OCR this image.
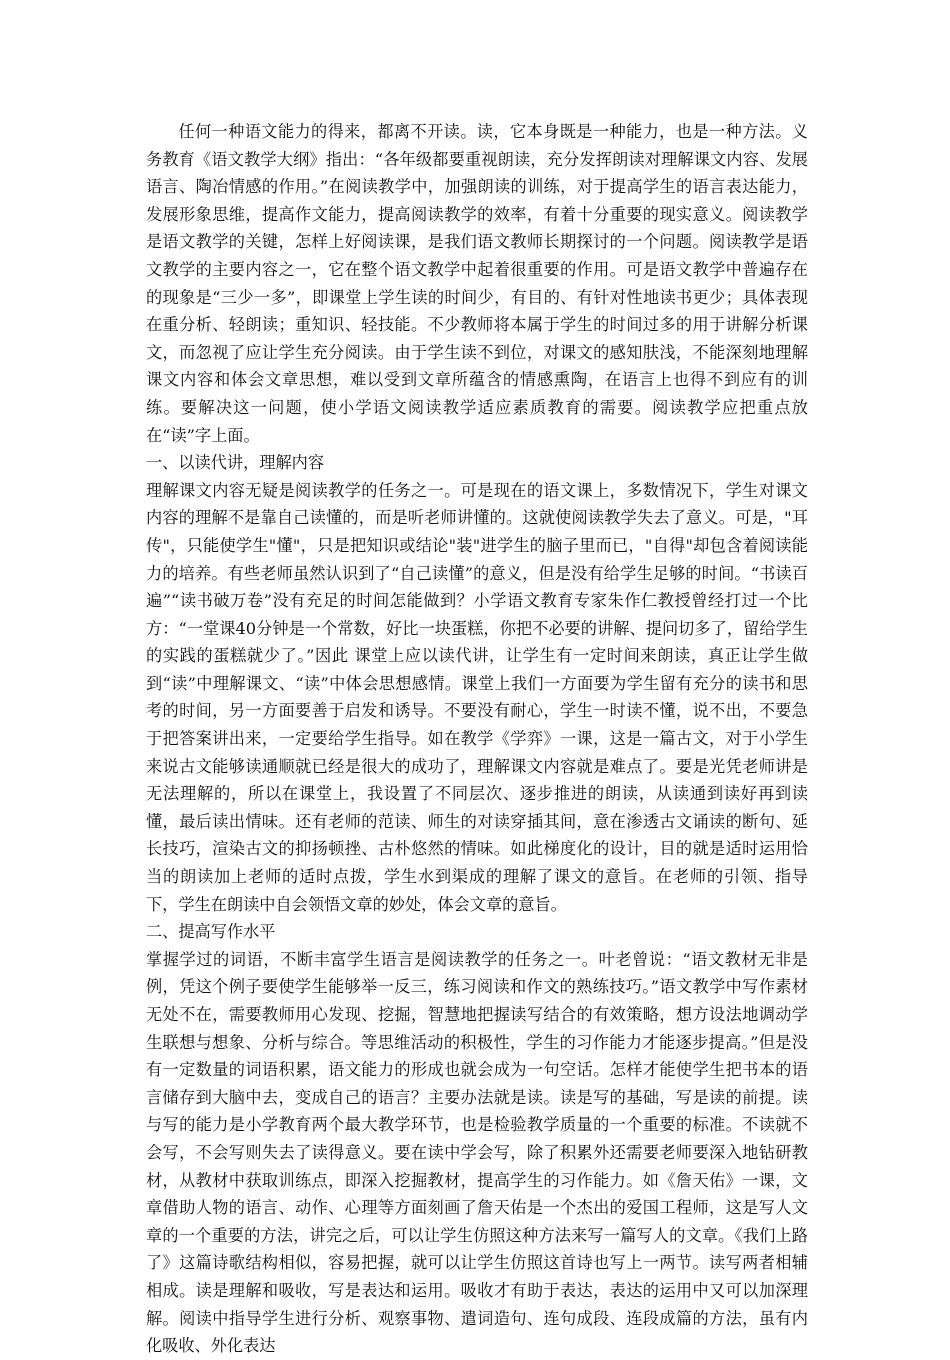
任何一种语文能力的得来，都离不开读。读，它本身既是一种能力，也是一种方法。义务教育《语文教学大纲》指出：“各年级都要重视朗读，充分发挥朗读对理解课文内容、发展语言、陶冶情感的作用。”在阅读教学中，加强朗读的训练，对于提高学生的语言表达能力，发展形象思维，提高作文能力，提高阅读教学的效率，有着十分重要的现实意义。阅读教学是语文教学的关键，怎样上好阅读课，是我们语文教师长期探讨的一个问题。阅读教学是语文教学的主要内容之一，它在整个语文教学中起着很重要的作用。可是语文教学中普遍存在的现象是“三少一多”，即课堂上学生读的时间少，有目的、有针对性地读书更少；具体表现在重分析、轻朗读；重知识、轻技能。不少教师将本属于学生的时间过多的用于讲解分析课文，而忽视了应让学生充分阅读。由于学生读不到位，对课文的感知肤浅，不能深刻地理解课文内容和体会文章思想，难以受到文章所蕴含的情感熏陶，在语言上也得不到应有的训练。要解决这一问题，使小学语文阅读教学适应素质教育的需要。阅读教学应把重点放在“读”字上面。

一、以读代讲，理解内容

理解课文内容无疑是阅读教学的任务之一。可是现在的语文课上，多数情况下，学生对课文内容的理解不是靠自己读懂的，而是听老师讲懂的。这就使阅读教学失去了意义。可是，"耳传"，只能使学生"懂"，只是把知识或结论"装"进学生的脑子里而已，"自得"却包含着阅读能力的培养。有些老师虽然认识到了“自己读懂”的意义，但是没有给学生足够的时间。“书读百遍”“读书破万卷”没有充足的时间怎能做到？小学语文教育专家朱作仁教授曾经打过一个比方：“一堂课40分钟是一个常数，好比一块蛋糕，你把不必要的讲解、提问切多了，留给学生的实践的蛋糕就少了。”因此 课堂上应以读代讲，让学生有一定时间来朗读，真正让学生做到“读”中理解课文、“读”中体会思想感情。课堂上我们一方面要为学生留有充分的读书和思考的时间，另一方面要善于启发和诱导。不要没有耐心，学生一时读不懂，说不出，不要急于把答案讲出来，一定要给学生指导。如在教学《学弈》一课，这是一篇古文，对于小学生来说古文能够读通顺就已经是很大的成功了，理解课文内容就是难点了。要是光凭老师讲是无法理解的，所以在课堂上，我设置了不同层次、逐步推进的朗读，从读通到读好再到读懂，最后读出情味。还有老师的范读、师生的对读穿插其间，意在渗透古文诵读的断句、延长技巧，渲染古文的抑扬顿挫、古朴悠然的情味。如此梯度化的设计，目的就是适时运用恰当的朗读加上老师的适时点拨，学生水到渠成的理解了课文的意旨。在老师的引领、指导下，学生在朗读中自会领悟文章的妙处，体会文章的意旨。

二、提高写作水平

掌握学过的词语，不断丰富学生语言是阅读教学的任务之一。叶老曾说：“语文教材无非是例，凭这个例子要使学生能够举一反三，练习阅读和作文的熟练技巧。”语文教学中写作素材无处不在，需要教师用心发现、挖掘，智慧地把握读写结合的有效策略，想方设法地调动学生联想与想象、分析与综合。等思维活动的积极性，学生的习作能力才能逐步提高。”但是没有一定数量的词语积累，语文能力的形成也就会成为一句空话。怎样才能使学生把书本的语言储存到大脑中去，变成自己的语言？主要办法就是读。读是写的基础，写是读的前提。读与写的能力是小学教育两个最大教学环节，也是检验教学质量的一个重要的标准。不读就不会写，不会写则失去了读得意义。要在读中学会写，除了积累外还需要老师要深入地钻研教材，从教材中获取训练点，即深入挖掘教材，提高学生的习作能力。如《詹天佑》一课，文章借助人物的语言、动作、心理等方面刻画了詹天佑是一个杰出的爱国工程师，这是写人文章的一个重要的方法，讲完之后，可以让学生仿照这种方法来写一篇写人的文章。《我们上路了》这篇诗歌结构相似，容易把握，就可以让学生仿照这首诗也写上一两节。读写两者相辅相成。读是理解和吸收，写是表达和运用。吸收才有助于表达，表达的运用中又可以加深理解。阅读中指导学生进行分析、观察事物、遣词造句、连句成段、连段成篇的方法，虽有内化吸收、外化表达
